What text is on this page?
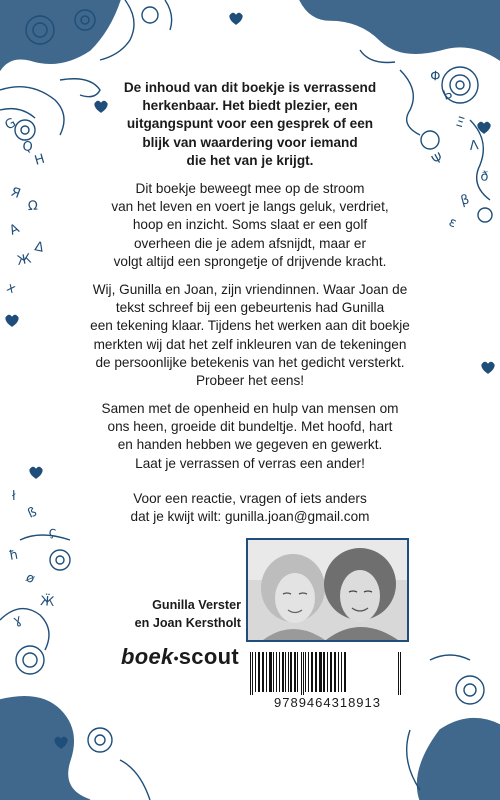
G
Q
H
Я
Ω
A
Δ
Ж
x
Φ
Ь
Ξ
Λ
Ψ
ð
β
ε
ł
ß
ç
ħ
ø
Ӝ
ɣ
De inhoud van dit boekje is verrassend
herkenbaar. Het biedt plezier, een
uitgangspunt voor een gesprek of een
blijk van waardering voor iemand
die het van je krijgt.
Dit boekje beweegt mee op de stroom
van het leven en voert je langs geluk, verdriet,
hoop en inzicht. Soms slaat er een golf
overheen die je adem afsnijdt, maar er
volgt altijd een sprongetje of drijvende kracht.
Wij, Gunilla en Joan, zijn vriendinnen. Waar Joan de
tekst schreef bij een gebeurtenis had Gunilla
een tekening klaar. Tijdens het werken aan dit boekje
merkten wij dat het zelf inkleuren van de tekeningen
de persoonlijke betekenis van het gedicht versterkt.
Probeer het eens!
Samen met de openheid en hulp van mensen om
ons heen, groeide dit bundeltje. Met hoofd, hart
en handen hebben we gegeven en gewerkt.
Laat je verrassen of verras een ander!
Voor een reactie, vragen of iets anders
dat je kwijt wilt: gunilla.joan@gmail.com
Gunilla Verster
en Joan Kerstholt
boek•scout
9789464318913
